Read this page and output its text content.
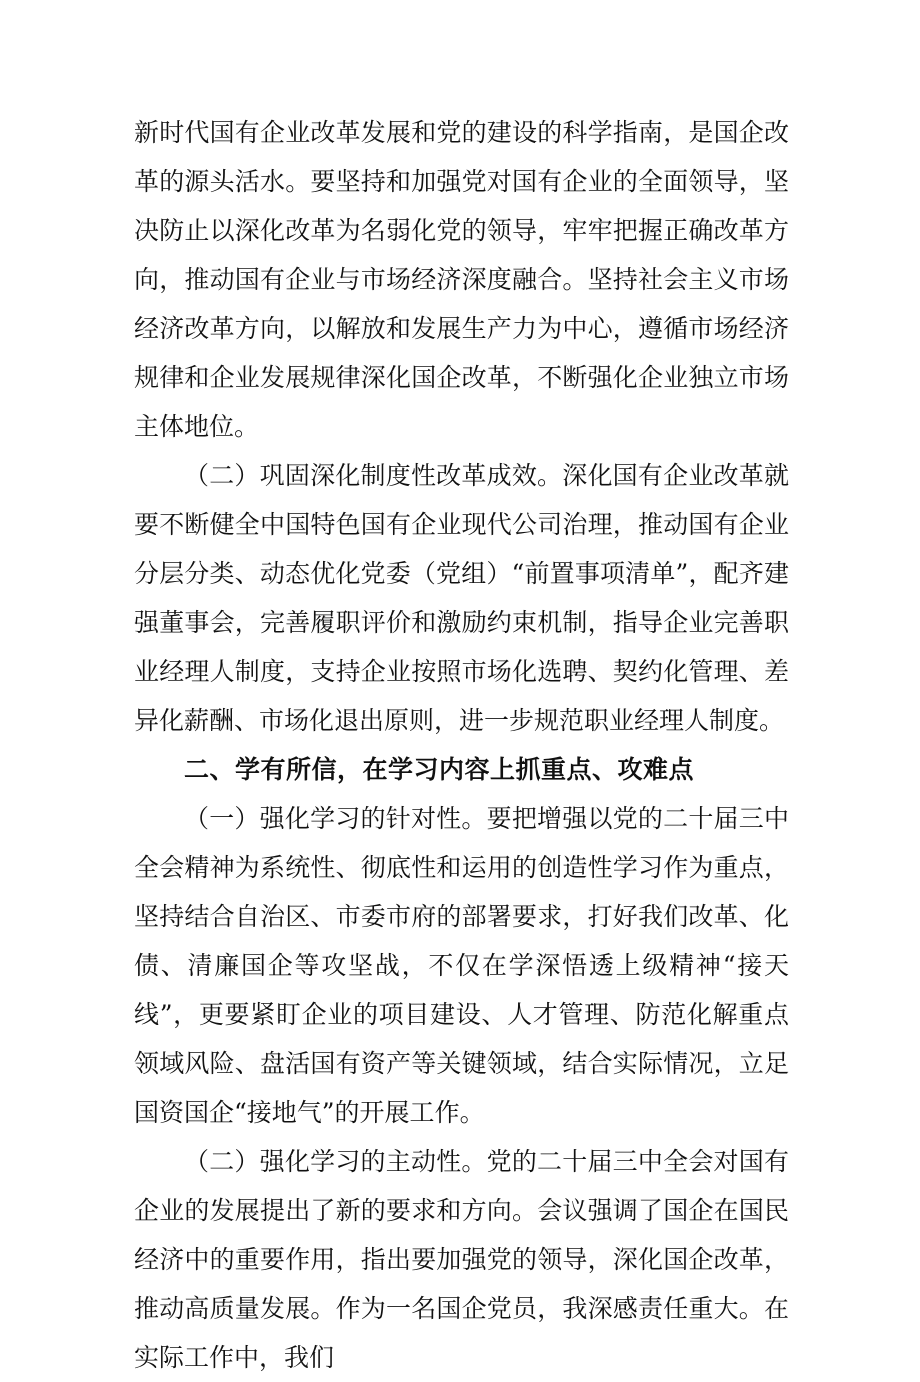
新时代国有企业改革发展和党的建设的科学指南，是国企改革的源头活水。要坚持和加强党对国有企业的全面领导，坚决防止以深化改革为名弱化党的领导，牢牢把握正确改革方向，推动国有企业与市场经济深度融合。坚持社会主义市场经济改革方向，以解放和发展生产力为中心，遵循市场经济规律和企业发展规律深化国企改革，不断强化企业独立市场主体地位。

（二）巩固深化制度性改革成效。深化国有企业改革就要不断健全中国特色国有企业现代公司治理，推动国有企业分层分类、动态优化党委（党组）“前置事项清单”，配齐建强董事会，完善履职评价和激励约束机制，指导企业完善职业经理人制度，支持企业按照市场化选聘、契约化管理、差异化薪酬、市场化退出原则，进一步规范职业经理人制度。

二、学有所信，在学习内容上抓重点、攻难点

（一）强化学习的针对性。要把增强以党的二十届三中全会精神为系统性、彻底性和运用的创造性学习作为重点，坚持结合自治区、市委市府的部署要求，打好我们改革、化债、清廉国企等攻坚战，不仅在学深悟透上级精神“接天线”，更要紧盯企业的项目建设、人才管理、防范化解重点领域风险、盘活国有资产等关键领域，结合实际情况，立足国资国企“接地气”的开展工作。

（二）强化学习的主动性。党的二十届三中全会对国有企业的发展提出了新的要求和方向。会议强调了国企在国民经济中的重要作用，指出要加强党的领导，深化国企改革，推动高质量发展。作为一名国企党员，我深感责任重大。在实际工作中，我们
